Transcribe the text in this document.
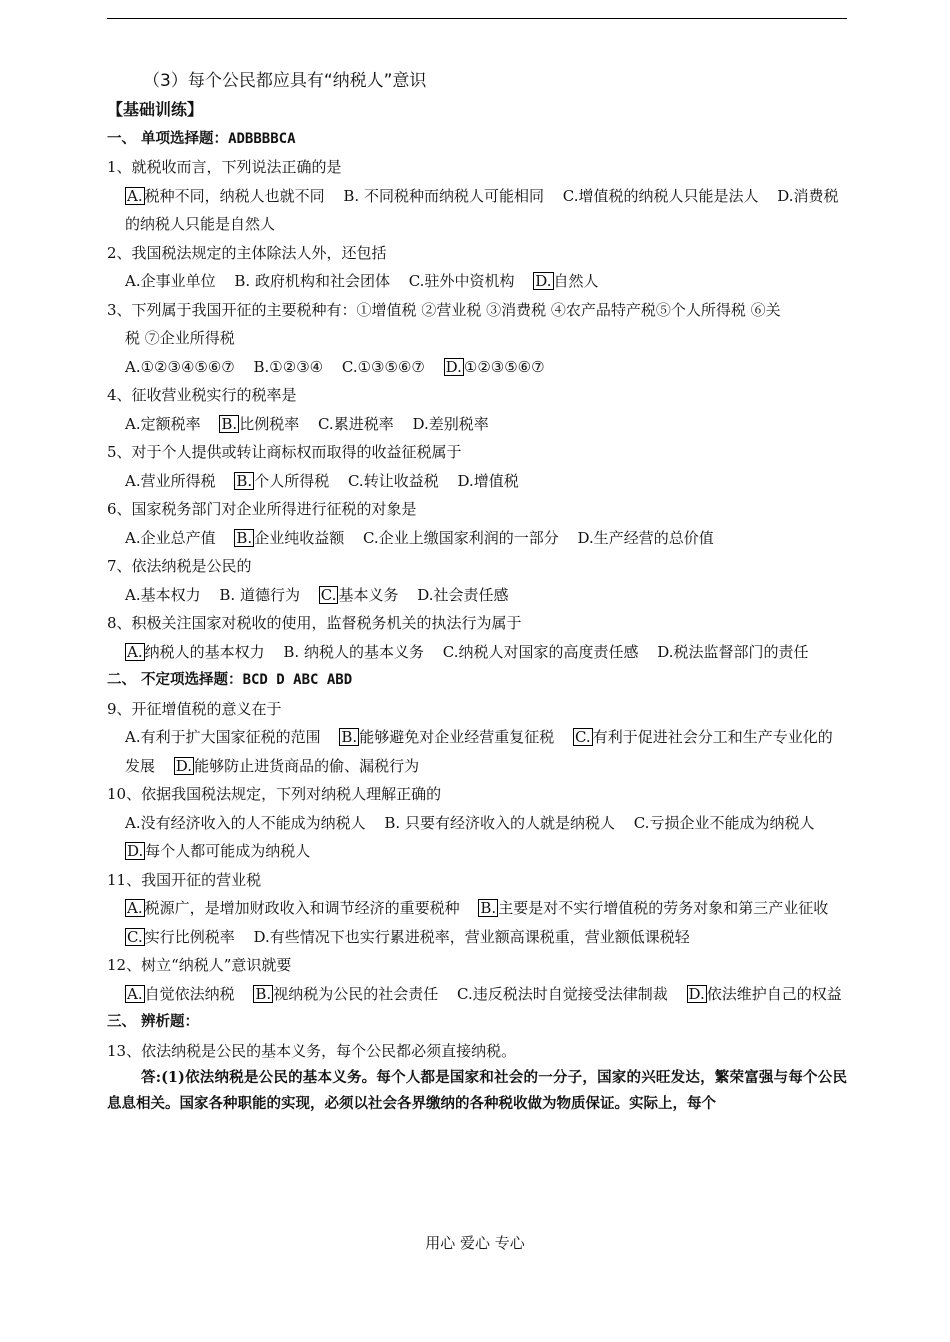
（3）每个公民都应具有“纳税人”意识
【基础训练】
一、 单项选择题：ADBBBBCA
1、就税收而言，下列说法正确的是
A. 税种不同，纳税人也就不同 B. 不同税种而纳税人可能相同 C.增值税的纳税人只能是法人 D.消费税的纳税人只能是自然人
2、我国税法规定的主体除法人外，还包括
A.企事业单位 B. 政府机构和社会团体 C.驻外中资机构 D. 自然人
3、下列属于我国开征的主要税种有：①增值税 ②营业税 ③消费税 ④农产品特产税⑤个人所得税 ⑥关
税 ⑦企业所得税
A.①②③④⑤⑥⑦ B.①②③④ C.①③⑤⑥⑦ D. ①②③⑤⑥⑦
4、征收营业税实行的税率是
A.定额税率 B. 比例税率 C.累进税率 D.差别税率
5、对于个人提供或转让商标权而取得的收益征税属于
A.营业所得税 B. 个人所得税 C.转让收益税 D.增值税
6、国家税务部门对企业所得进行征税的对象是
A.企业总产值 B. 企业纯收益额 C.企业上缴国家利润的一部分 D.生产经营的总价值
7、依法纳税是公民的
A.基本权力 B. 道德行为 C. 基本义务 D.社会责任感
8、积极关注国家对税收的使用，监督税务机关的执法行为属于
A. 纳税人的基本权力 B. 纳税人的基本义务 C.纳税人对国家的高度责任感 D.税法监督部门的责任
二、 不定项选择题：BCD D ABC ABD
9、开征增值税的意义在于
A.有利于扩大国家征税的范围 B. 能够避免对企业经营重复征税 C. 有利于促进社会分工和生产专业化的发展 D. 能够防止进货商品的偷、漏税行为
10、依据我国税法规定，下列对纳税人理解正确的
A.没有经济收入的人不能成为纳税人 B. 只要有经济收入的人就是纳税人 C.亏损企业不能成为纳税人 D. 每个人都可能成为纳税人
11、我国开征的营业税
A. 税源广，是增加财政收入和调节经济的重要税种 B. 主要是对不实行增值税的劳务对象和第三产业征收 C. 实行比例税率 D.有些情况下也实行累进税率，营业额高课税重，营业额低课税轻
12、树立“纳税人”意识就要
A. 自觉依法纳税 B. 视纳税为公民的社会责任 C.违反税法时自觉接受法律制裁 D. 依法维护自己的权益
三、 辨析题：
13、依法纳税是公民的基本义务，每个公民都必须直接纳税。
答:(1)依法纳税是公民的基本义务。每个人都是国家和社会的一分子，国家的兴旺发达，繁荣富强与每个公民息息相关。国家各种职能的实现，必须以社会各界缴纳的各种税收做为物质保证。实际上，每个
用心 爱心 专心
